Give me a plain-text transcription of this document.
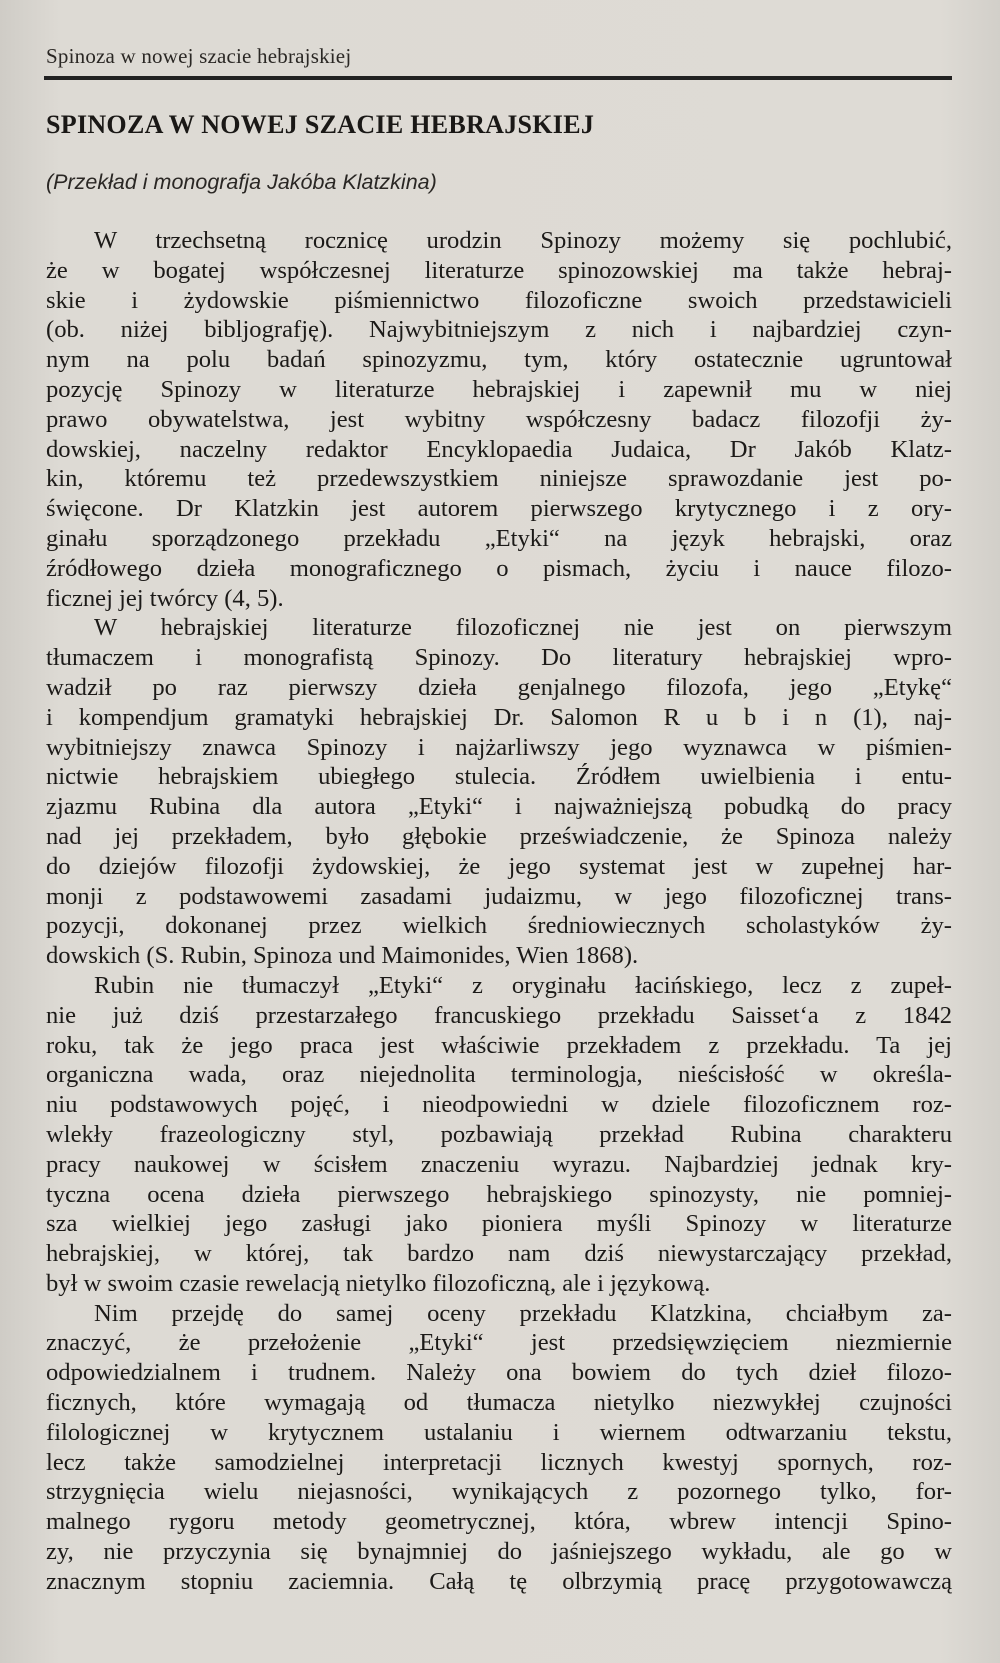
Spinoza w nowej szacie hebrajskiej
SPINOZA W NOWEJ SZACIE HEBRAJSKIEJ
(Przekład i monografja Jakóba Klatzkina)
W trzechsetną rocznicę urodzin Spinozy możemy się pochlubić,
że w bogatej współczesnej literaturze spinozowskiej ma także hebraj-
skie i żydowskie piśmiennictwo filozoficzne swoich przedstawicieli
(ob. niżej bibljografję). Najwybitniejszym z nich i najbardziej czyn-
nym na polu badań spinozyzmu, tym, który ostatecznie ugruntował
pozycję Spinozy w literaturze hebrajskiej i zapewnił mu w niej
prawo obywatelstwa, jest wybitny współczesny badacz filozofji ży-
dowskiej, naczelny redaktor Encyklopaedia Judaica, Dr Jakób Klatz-
kin, któremu też przedewszystkiem niniejsze sprawozdanie jest po-
święcone. Dr Klatzkin jest autorem pierwszego krytycznego i z ory-
ginału sporządzonego przekładu „Etyki“ na język hebrajski, oraz
źródłowego dzieła monograficznego o pismach, życiu i nauce filozo-
ficznej jej twórcy (4, 5).
W hebrajskiej literaturze filozoficznej nie jest on pierwszym
tłumaczem i monografistą Spinozy. Do literatury hebrajskiej wpro-
wadził po raz pierwszy dzieła genjalnego filozofa, jego „Etykę“
i kompendjum gramatyki hebrajskiej Dr. Salomon R u b i n (1), naj-
wybitniejszy znawca Spinozy i najżarliwszy jego wyznawca w piśmien-
nictwie hebrajskiem ubiegłego stulecia. Źródłem uwielbienia i entu-
zjazmu Rubina dla autora „Etyki“ i najważniejszą pobudką do pracy
nad jej przekładem, było głębokie przeświadczenie, że Spinoza należy
do dziejów filozofji żydowskiej, że jego systemat jest w zupełnej har-
monji z podstawowemi zasadami judaizmu, w jego filozoficznej trans-
pozycji, dokonanej przez wielkich średniowiecznych scholastyków ży-
dowskich (S. Rubin, Spinoza und Maimonides, Wien 1868).
Rubin nie tłumaczył „Etyki“ z oryginału łacińskiego, lecz z zupeł-
nie już dziś przestarzałego francuskiego przekładu Saisset‘a z 1842
roku, tak że jego praca jest właściwie przekładem z przekładu. Ta jej
organiczna wada, oraz niejednolita terminologja, nieścisłość w określa-
niu podstawowych pojęć, i nieodpowiedni w dziele filozoficznem roz-
wlekły frazeologiczny styl, pozbawiają przekład Rubina charakteru
pracy naukowej w ścisłem znaczeniu wyrazu. Najbardziej jednak kry-
tyczna ocena dzieła pierwszego hebrajskiego spinozysty, nie pomniej-
sza wielkiej jego zasługi jako pioniera myśli Spinozy w literaturze
hebrajskiej, w której, tak bardzo nam dziś niewystarczający przekład,
był w swoim czasie rewelacją nietylko filozoficzną, ale i językową.
Nim przejdę do samej oceny przekładu Klatzkina, chciałbym za-
znaczyć, że przełożenie „Etyki“ jest przedsięwzięciem niezmiernie
odpowiedzialnem i trudnem. Należy ona bowiem do tych dzieł filozo-
ficznych, które wymagają od tłumacza nietylko niezwykłej czujności
filologicznej w krytycznem ustalaniu i wiernem odtwarzaniu tekstu,
lecz także samodzielnej interpretacji licznych kwestyj spornych, roz-
strzygnięcia wielu niejasności, wynikających z pozornego tylko, for-
malnego rygoru metody geometrycznej, która, wbrew intencji Spino-
zy, nie przyczynia się bynajmniej do jaśniejszego wykładu, ale go w
znacznym stopniu zaciemnia. Całą tę olbrzymią pracę przygotowawczą
